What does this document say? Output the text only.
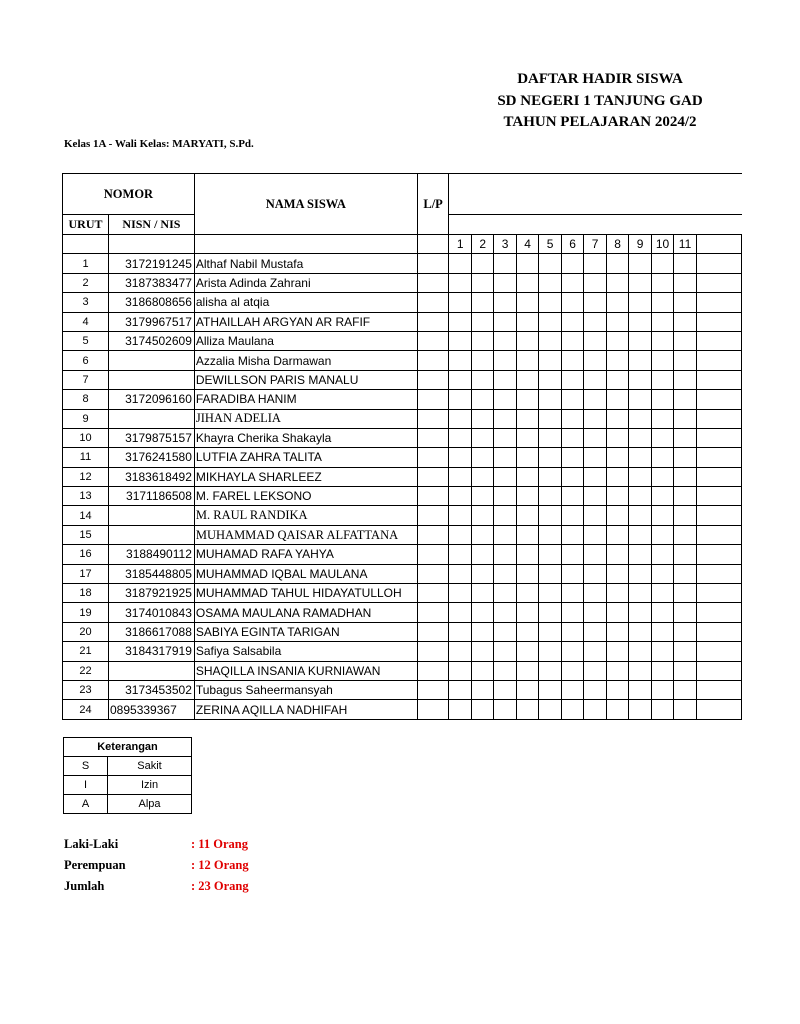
DAFTAR HADIR SISWA
SD NEGERI 1 TANJUNG GAD
TAHUN PELAJARAN 2024/2
Kelas 1A - Wali Kelas: MARYATI, S.Pd.
NOMOR		NAMA SISWA	L/P												
URUT	NISN / NIS														
				1	2	3	4	5	6	7	8	9	10	11	
1	3172191245	Althaf Nabil Mustafa													
2	3187383477	Arista Adinda Zahrani													
3	3186808656	alisha al atqia													
4	3179967517	ATHAILLAH ARGYAN AR RAFIF													
5	3174502609	Alliza Maulana													
6		Azzalia Misha Darmawan													
7		DEWILLSON PARIS MANALU													
8	3172096160	FARADIBA HANIM													
9		JIHAN ADELIA													
10	3179875157	Khayra Cherika Shakayla													
11	3176241580	LUTFIA ZAHRA TALITA													
12	3183618492	MIKHAYLA SHARLEEZ													
13	3171186508	M. FAREL LEKSONO													
14		M. RAUL RANDIKA													
15		MUHAMMAD QAISAR ALFATTANA													
16	3188490112	MUHAMAD RAFA YAHYA													
17	3185448805	MUHAMMAD IQBAL MAULANA													
18	3187921925	MUHAMMAD TAHUL HIDAYATULLOH													
19	3174010843	OSAMA MAULANA RAMADHAN													
20	3186617088	SABIYA EGINTA TARIGAN													
21	3184317919	Safiya Salsabila													
22		SHAQILLA INSANIA KURNIAWAN													
23	3173453502	Tubagus Saheermansyah													
24	0895339367	ZERINA AQILLA NADHIFAH													
Keterangan	
S	Sakit
I	Izin
A	Alpa
Laki-Laki	: 11 Orang
Perempuan	: 12 Orang
Jumlah	: 23 Orang
